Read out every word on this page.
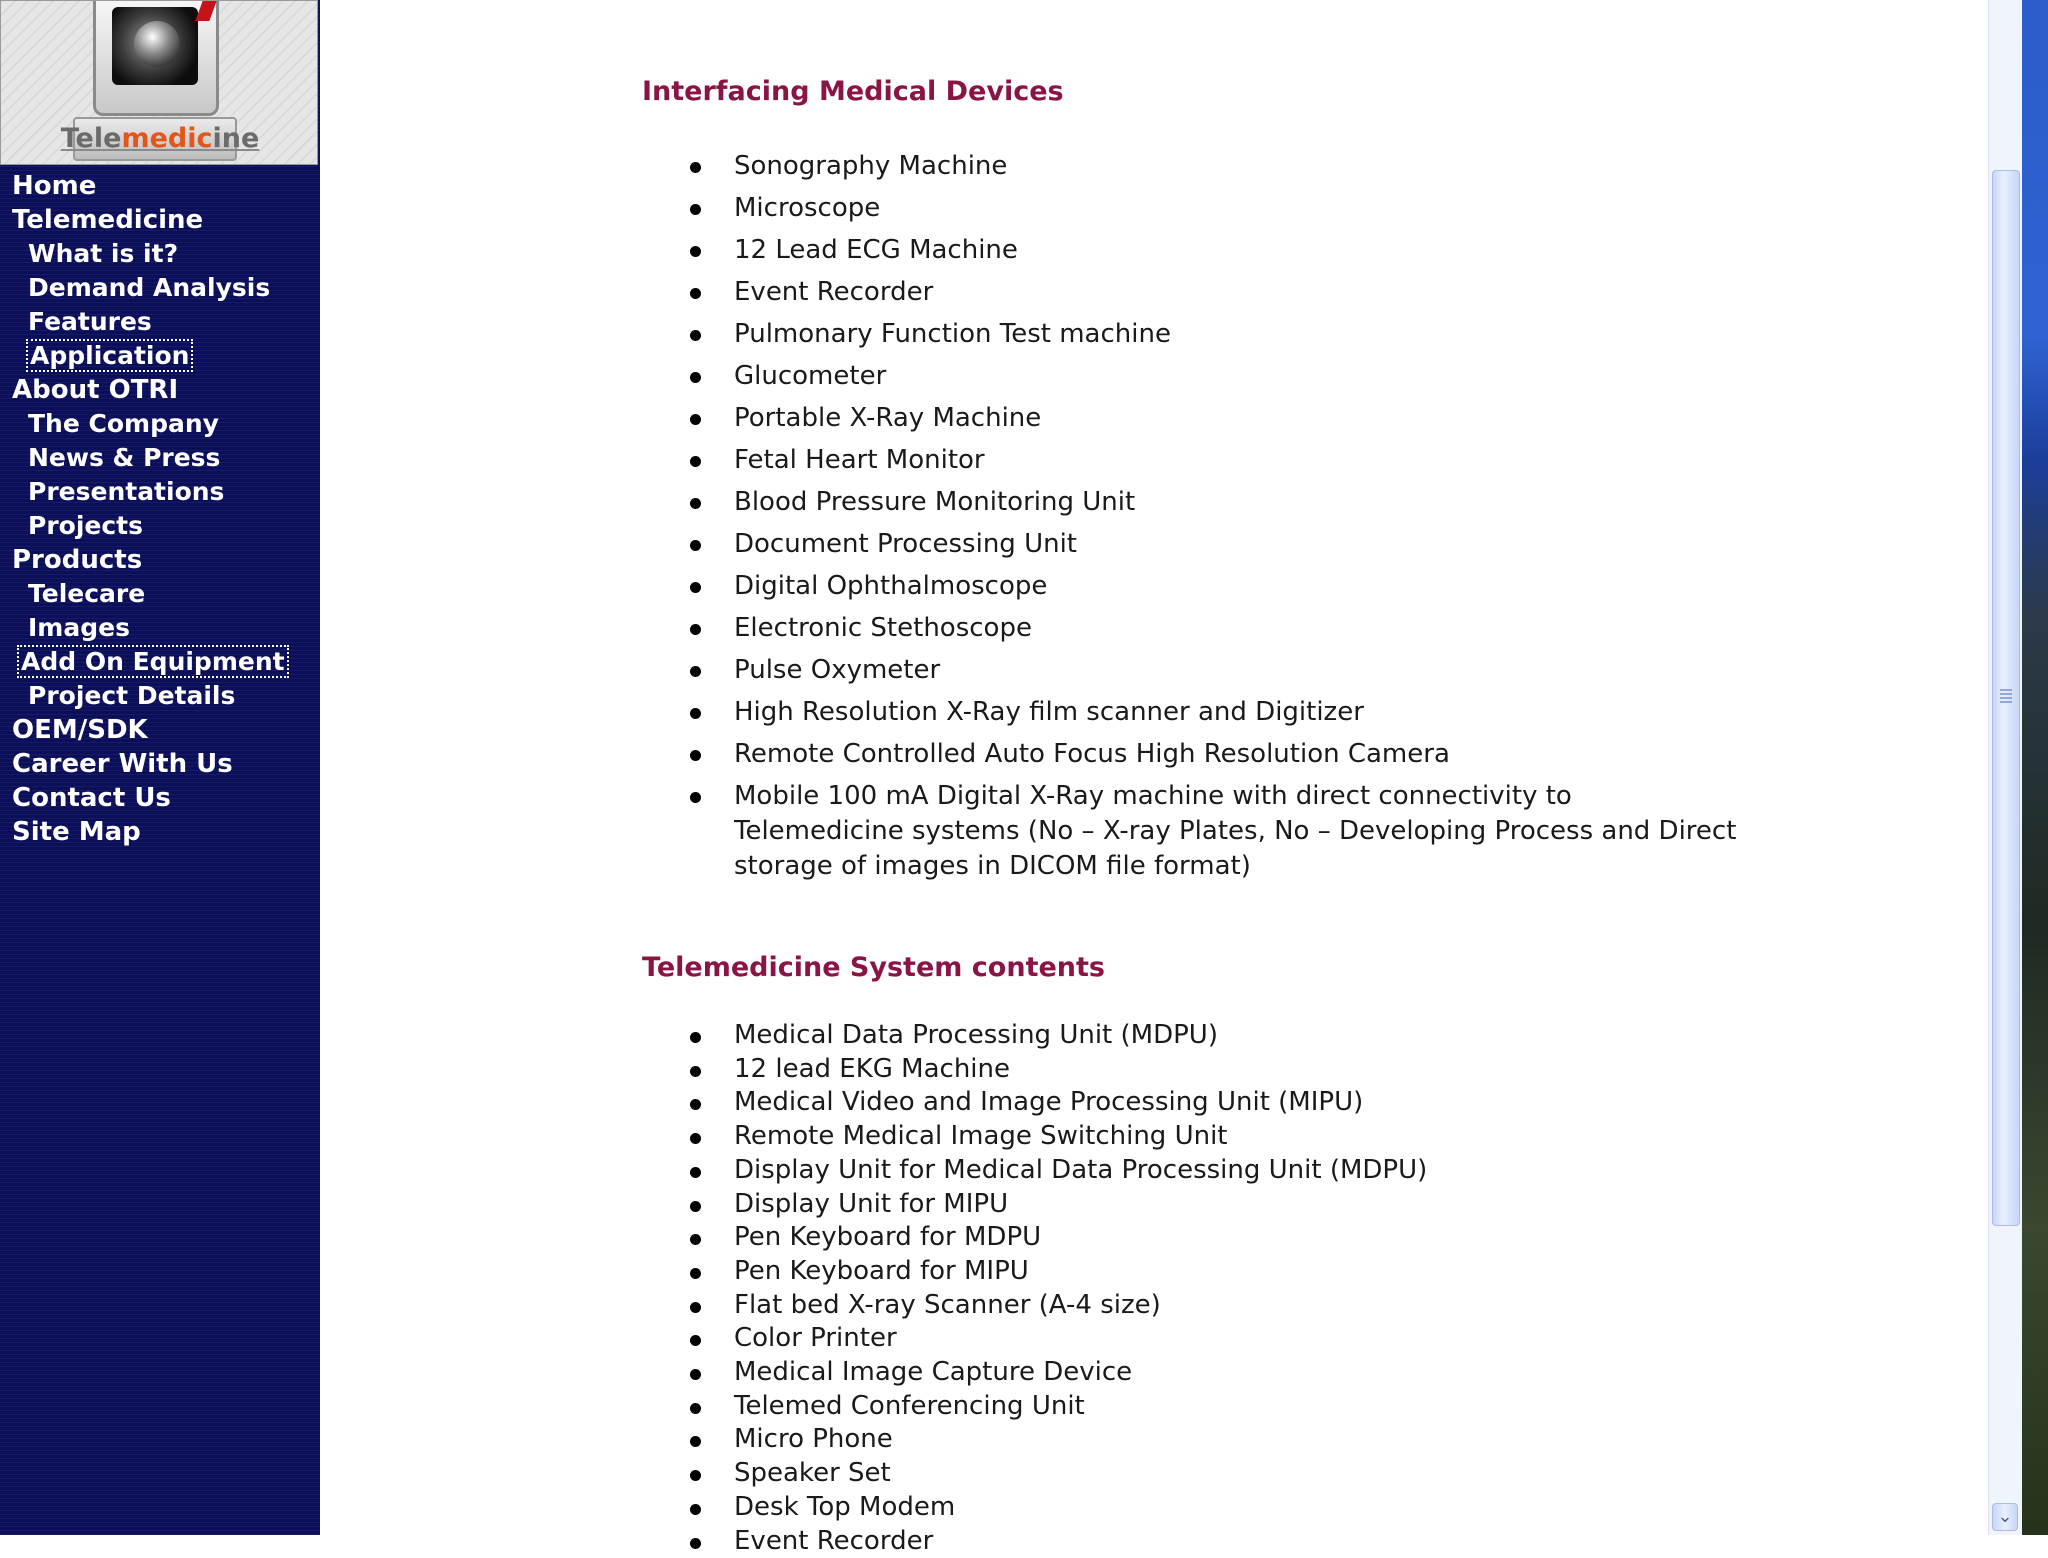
Telemedicine
Home
Telemedicine
What is it?
Demand Analysis
Features
Application
About OTRI
The Company
News & Press
Presentations
Projects
Products
Telecare
Images
Add On Equipment
Project Details
OEM/SDK
Career With Us
Contact Us
Site Map
Interfacing Medical Devices
Sonography Machine
Microscope
12 Lead ECG Machine
Event Recorder
Pulmonary Function Test machine
Glucometer
Portable X-Ray Machine
Fetal Heart Monitor
Blood Pressure Monitoring Unit
Document Processing Unit
Digital Ophthalmoscope
Electronic Stethoscope
Pulse Oxymeter
High Resolution X-Ray film scanner and Digitizer
Remote Controlled Auto Focus High Resolution Camera
Mobile 100 mA Digital X-Ray machine with direct connectivity to Telemedicine systems (No – X-ray Plates, No – Developing Process and Direct storage of images in DICOM file format)
Telemedicine System contents
Medical Data Processing Unit (MDPU)
12 lead EKG Machine
Medical Video and Image Processing Unit (MIPU)
Remote Medical Image Switching Unit
Display Unit for Medical Data Processing Unit (MDPU)
Display Unit for MIPU
Pen Keyboard for MDPU
Pen Keyboard for MIPU
Flat bed X-ray Scanner (A-4 size)
Color Printer
Medical Image Capture Device
Telemed Conferencing Unit
Micro Phone
Speaker Set
Desk Top Modem
Event Recorder
⌄
